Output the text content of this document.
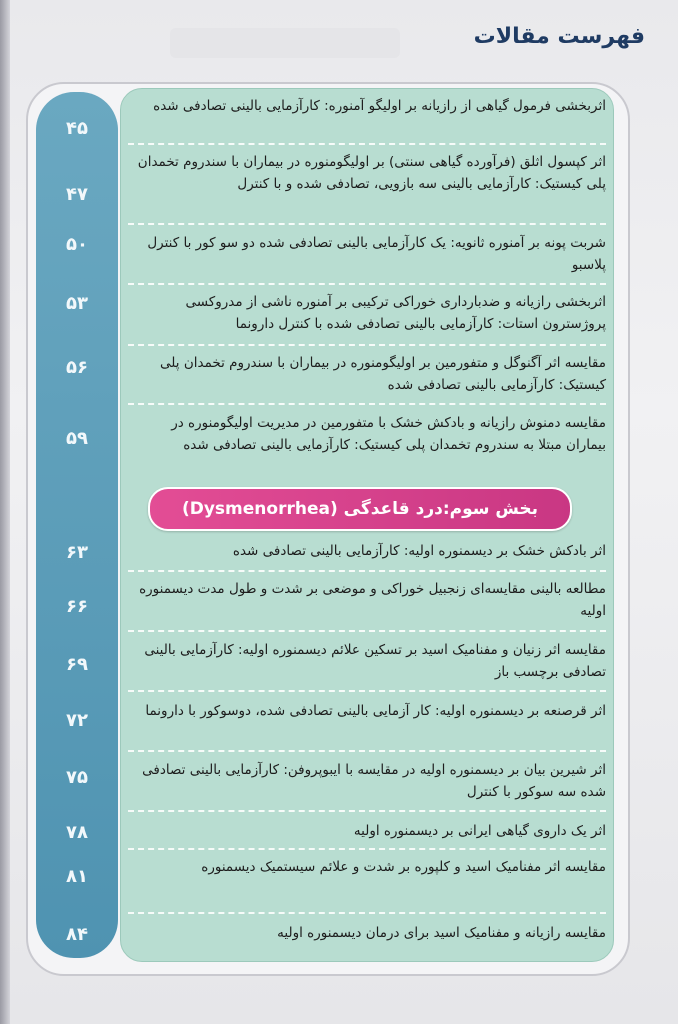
فهرست مقالات
اثربخشی فرمول گیاهی از رازیانه بر اولیگو آمنوره: کارآزمایی بالینی تصادفی شده
۴۵
اثر کپسول اثلق (فرآورده گیاهی سنتی) بر اولیگومنوره در بیماران با سندروم تخمدان پلی کیستیک: کارآزمایی بالینی سه بازویی، تصادفی شده و با کنترل
۴۷
شربت پونه بر آمنوره ثانویه: یک کارآزمایی بالینی تصادفی شده دو سو کور با کنترل پلاسبو
۵۰
اثربخشی رازیانه و ضدبارداری خوراکی ترکیبی بر آمنوره ناشی از مدروکسی پروژسترون استات: کارآزمایی بالینی تصادفی شده با کنترل دارونما
۵۳
مقایسه اثر آگنوگل و متفورمین بر اولیگومنوره در بیماران با سندروم تخمدان پلی کیستیک: کارآزمایی بالینی تصادفی شده
۵۶
مقایسه دمنوش رازیانه و بادکش خشک با متفورمین در مدیریت اولیگومنوره در بیماران مبتلا به سندروم تخمدان پلی کیستیک: کارآزمایی بالینی تصادفی شده
۵۹
بخش سوم:درد قاعدگی (Dysmenorrhea)
اثر بادکش خشک بر دیسمنوره اولیه: کارآزمایی بالینی تصادفی شده
۶۳
مطالعه بالینی مقایسه‌ای زنجبیل خوراکی و موضعی بر شدت و طول مدت دیسمنوره اولیه
۶۶
مقایسه اثر زنیان و مفنامیک اسید بر تسکین علائم دیسمنوره اولیه: کارآزمایی بالینی تصادفی برچسب باز
۶۹
اثر قرصنعه بر دیسمنوره اولیه: کار آزمایی بالینی تصادفی شده، دوسوکور با دارونما
۷۲
اثر شیرین بیان بر دیسمنوره اولیه در مقایسه با ایبوپروفن: کارآزمایی بالینی تصادفی شده سه سوکور با کنترل
۷۵
اثر یک داروی گیاهی ایرانی بر دیسمنوره اولیه
۷۸
مقایسه اثر مفنامیک اسید و کلپوره بر شدت و علائم سیستمیک دیسمنوره
۸۱
مقایسه رازیانه و مفنامیک اسید برای درمان دیسمنوره اولیه
۸۴
